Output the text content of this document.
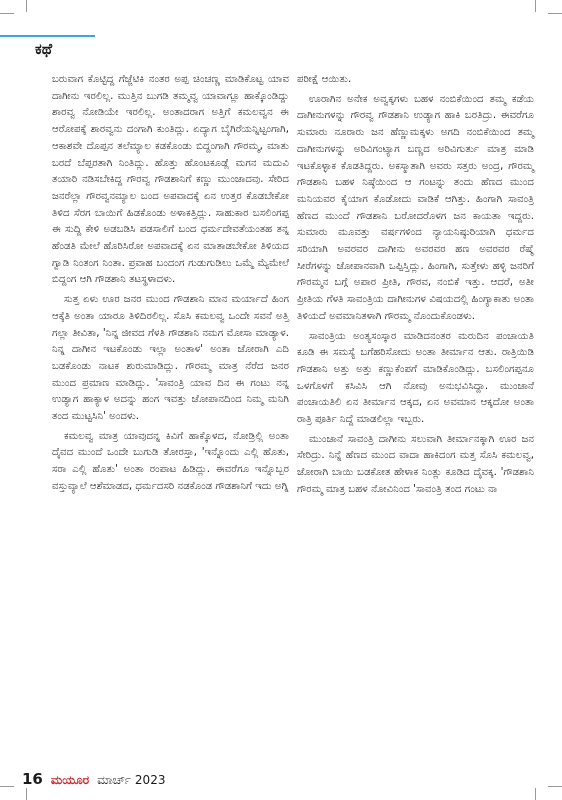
ಕಥೆ

ಬರುವಾಗ ಕೊಟ್ಟಿದ್ದ ಗೆಜ್ಜೆಟಿಕಿ ನಂತರ ಅಪ್ಪ ಚಿಂಚಣ್ಣ ಮಾಡಿಕೊಟ್ಟ ಯಾವ ದಾಗೀನು ಇರಲಿಲ್ಲ. ಮುತ್ತಿನ ಬುಗಡಿ ತಮ್ಮವ್ವ ಯಾವಾಗ್ಲೂ ಹಾಕ್ಕೊಂಡಿದ್ದು ಶಾರವ್ವ ನೋಡಿಯೇ ಇರಲಿಲ್ಲ. ಅಂತಾದರಾಗ ಅತ್ತಿಗೆ ಕಮಲವ್ವನ ಈ ಆರೋಪಕ್ಕೆ ಶಾರವ್ವನು ದಂಗಾಗಿ ಕುಂತಿದ್ಲು. ಏದ್ಯಾಗ ಬೈಗಿರೆಯನ್ನಿಟ್ಟಂಗಾಗಿ, ಆಕಾಶವೇ ದೊಪ್ಪನ ತಲೆಮ್ಯಾಲ ಕಡಕೊಂಡು ಬಿದ್ದಂಗಾಗಿ ಗೌರಮ್ಮ, ಮಾತು ಬರದೆ ಬೆಪ್ಪರತಾಗಿ ನಿಂತಿದ್ಲು. ಹೊತ್ತು ಹೊಂಟಕೂಡ್ಲೆ ಮಗನ ಮದುವಿ ತಯಾರಿ ನಡಿಸಬೇಕಿದ್ದ ಗೌರವ್ವ ಗೌಡಶಾನಿಗೆ ಕಣ್ಣು ಮುಂಜಾದವು. ಸೇರಿದ ಜನರೆಲ್ಲಾ ಗೌರವ್ವನಮ್ಯಾಲ ಬಂದ ಅಪವಾದಕ್ಕೆ ಏನ ಉತ್ತರ ಕೊಡಬೇಕೋ ತಿಳಿದ ಸೆರಗ ಬಾಯಿಗೆ ಹಿಡಕೊಂಡು ಅಳಾಕತ್ತಿದ್ಲು. ಸಾಹುಕಾರ ಬಸಲಿಂಗಪ್ಪ ಈ ಸುದ್ದಿ ಕೇಳಿ ಅಡಬಡಿಸಿ ಪಡಸಾಲಿಗೆ ಬಂದ ಧರ್ಮದೇವತೆಯಂತಹ ತನ್ನ ಹೆಂಡತಿ ಮೇಲೆ ಹೊರಿಸಿರೋ ಅಪವಾದಕ್ಕೆ ಏನ ಮಾತಾಡಬೇಕೋ ತಿಳಿಯದ ಗ್ವಾಡಿ ನಿಂತಂಗ ನಿಂತಾ. ಪ್ರವಾಹ ಬಂದಂಗ ಗುಡುಗುಡಿಲು ಒಮ್ಮೆ ಮ್ಯೆಮೇಲೆ ಬಿದ್ದಂಗ ಆಗಿ ಗೌಡಶಾನಿ ತಟಸ್ಥಳಾದಳು.

ಸುತ್ತ ಏಳು ಊರ ಜನರ ಮುಂದ ಗೌಡಶಾನಿ ಮಾನ ಮರ್ಯಾದೆ ಹಿಂಗ ಆಕ್ಕೆತಿ ಅಂತಾ ಯಾರೂ ತಿಳಿದಿರಲಿಲ್ಲ. ಸೊಸಿ ಕಮಲವ್ವ ಒಂದೇ ಸವನೆ ಅತ್ತಿ ಗಲ್ಲಾ ತೀವಿತಾ, 'ನಿನ್ನ ಜೀವದ ಗೆಳತಿ ಗೌಡಶಾನಿ ನಮಗ ಮೋಸಾ ಮಾಡ್ಯಾಳ. ನಿನ್ನ ದಾಗೀನ ಇಟಕೊಂಡು ಇಲ್ಲಾ ಅಂತಾಳ' ಅಂತಾ ಜೋರಾಗಿ ಎದಿ ಬಡಕೊಂಡು ನಾಟಕ ಶುರುಮಾಡಿದ್ಲು. ಗೌರಮ್ಮ ಮಾತ್ರ ನೆರೆದ ಜನರ ಮುಂದ ಪ್ರಮಾಣ ಮಾಡಿದ್ಲು. 'ಸಾವಂತ್ರಿ ಯಾವ ದಿನ ಈ ಗಂಟು ನನ್ನ ಉಡ್ಯಾಗ ಹಾಕ್ಯಾಳ ಅದನ್ನು ಹಂಗ ಇವತ್ತು ಜೋಪಾನದಿಂದ ನಿಮ್ಮ ಮನಿಗಿ ತಂದ ಮುಟ್ಟಸಿನಿ' ಅಂದಳು.

ಕಮಲವ್ವ ಮಾತ್ರ ಯಾವುದನ್ನ ಕಿವಿಗೆ ಹಾಕ್ಕೊಳದ, ನೋಡ್ರಿಲ್ಲಿ ಅಂತಾ ದೈವದ ಮುಂದೆ ಒಂದೇ ಬುಗುಡಿ ತೋರಸ್ತಾ, 'ಇನ್ನೊಂದು ಎಲ್ಲಿ ಹೊತು, ಸರಾ ಎಲ್ಲಿ ಹೊತು' ಅಂತಾ ರಂಪಾಟ ಹಿಡಿದ್ಲು. ಈವರೆಗೂ ಇನ್ನೊಬ್ಬರ ವಸ್ತುವ್ಯಾಲೆ ಆಶೆಮಾಡದ, ಧರ್ಮದಸರಿ ನಡಕೊಂಡ ಗೌಡಶಾನಿಗೆ ಇದು ಅಗ್ನಿ

ಪರೀಕ್ಷೆ ಆಯಿತು.

ಊರಾಗಿನ ಅನೇಕ ಅವ್ವಕ್ಕಗಳು ಬಹಳ ನಂಬಿಕೆಯಿಂದ ತಮ್ಮ ಕಡೆಯ ದಾಗೀನುಗಳನ್ನು ಗೌರವ್ವ ಗೌಡಶಾನಿ ಉಡ್ಯಾಗ ಹಾಕಿ ಬರತಿದ್ರು. ಈವರೆಗೂ ಸುಮಾರು ನೂರಾರು ಜನ ಹೆಣ್ಣುಮಕ್ಕಳು ಅಗದಿ ನಂಬಿಕೆಯಿಂದ ತಮ್ಮ ದಾಗೀನುಗಳನ್ನು ಅರಿವಿಗಂಟ್ಯಾಗ ಬಣ್ಣದ ಅರಿವಿಗುರ್ತು ಮಾತ್ರ ಮಾಡಿ ಇಟಕೊಳ್ಳಾಕ ಕೊಡತಿದ್ದರು. ಅಕಸ್ಮಾತಾಗಿ ಅವರು ಸತ್ತರು ಅಂದ್ರ, ಗೌರಮ್ಮ ಗೌಡಶಾನಿ ಬಹಳ ನಿಷ್ಠೆಯಿಂದ ಆ ಗಂಟನ್ನು ತಂದು ಹೆಣದ ಮುಂದ ಮನಿಯವರ ಕೈಯಾಗ ಕೊಡೋದು ವಾಡಿಕೆ ಆಗಿತ್ತು. ಹಿಂಗಾಗಿ ಸಾವಂತ್ರಿ ಹೆಣದ ಮುಂದೆ ಗೌಡಶಾನಿ ಬರೋದರೊಳಗ ಜನ ಕಾಯತಾ ಇದ್ದರು. ಸುಮಾರು ಮೂವತ್ತು ವರ್ಷಗಳಿಂದ ನ್ಯಾಯನಿಷ್ಠುರಿಯಾಗಿ ಧರ್ಮದ ಸರಿಯಾಗಿ ಅವರವರ ದಾಗೀನು ಅವರವರ ಹಣ ಅವರವರ ರೆಷ್ಮೆ ಸೀರೆಗಳನ್ನು ಜೋಪಾನವಾಗಿ ಒಪ್ಪಿಸ್ತಿದ್ಲು. ಹಿಂಗಾಗಿ, ಸುತ್ತೇಳು ಹಳ್ಳಿ ಜನರಿಗೆ ಗೌರಮ್ಮನ ಬಗ್ಗೆ ಅಪಾರ ಪ್ರೀತಿ, ಗೌರವ, ನಂಬಿಕೆ ಇತ್ತು. ಆದರೆ, ಅತೀ ಪ್ರೀತಿಯ ಗೆಳತಿ ಸಾವಂತ್ರಿಯ ದಾಗೀನುಗಳ ವಿಷಯದಲ್ಲಿ ಹಿಂಗ್ಯಾಕಾತು ಅಂತಾ ತಿಳಿಯದೆ ಅವಮಾನಿತಳಾಗಿ ಗೌರಮ್ಮ ನೊಂದುಕೊಂಡಳು.

ಸಾವಂತ್ರಿಯ ಅಂತ್ಯಸಂಸ್ಕಾರ ಮಾಡಿದನಂತರ ಮರುದಿನ ಪಂಚಾಯತಿ ಕೂಡಿ ಈ ಸಮಸ್ಯೆ ಬಗೆಹರಿಸೋದು ಅಂತಾ ತೀರ್ಮಾನ ಆತು. ರಾತ್ರಿಯಿಡಿ ಗೌಡಶಾನಿ ಅತ್ತು ಅತ್ತು ಕಣ್ಣುಕೆಂಪಗೆ ಮಾಡಿಕೊಂಡಿದ್ಲು. ಬಸಲಿಂಗಪ್ಪನೂ ಒಳಗೊಳಗೆ ಕಸಿವಿಸಿ ಆಗಿ ನೋವು ಅನುಭವಿಸಿದ್ದಾ. ಮುಂಜಾನೆ ಪಂಚಾಯತಿಲಿ ಏನ ತೀರ್ಮಾನ ಆಕ್ಕದ, ಏನ ಅವಮಾನ ಆಕ್ಕದೋ ಅಂತಾ ರಾತ್ರಿ ಪೂರ್ತಿ ನಿದ್ದೆ ಮಾಡಲಿಲ್ಲಾ ಇಬ್ಬರು.

ಮುಂಜಾನೆ ಸಾವಂತ್ರಿ ದಾಗೀನು ಸಲುವಾಗಿ ತೀರ್ಮಾನಕ್ಕಾಗಿ ಊರ ಜನ ಸೇರಿದ್ರು. ನಿನ್ನೆ ಹೆಣದ ಮುಂದ ವಾದಾ ಹಾಕಿದಂಗ ಮತ್ತ ಸೊಸಿ ಕಮಲವ್ವ, ಜೋರಾಗಿ ಬಾಯಿ ಬಡಕೋತ ಹೇಳಾಕ ನಿಂತ್ಲು ಕೂಡಿದ ದೈವಕ್ಕ. 'ಗೌಡಶಾನಿ ಗೌರಮ್ಮ ಮಾತ್ರ ಬಹಳ ನೋವಿನಿಂದ 'ಸಾವಂತ್ರಿ ತಂದ ಗಂಟು ನಾ

16 ಮಯೂರ ಮಾರ್ಚ್ 2023
